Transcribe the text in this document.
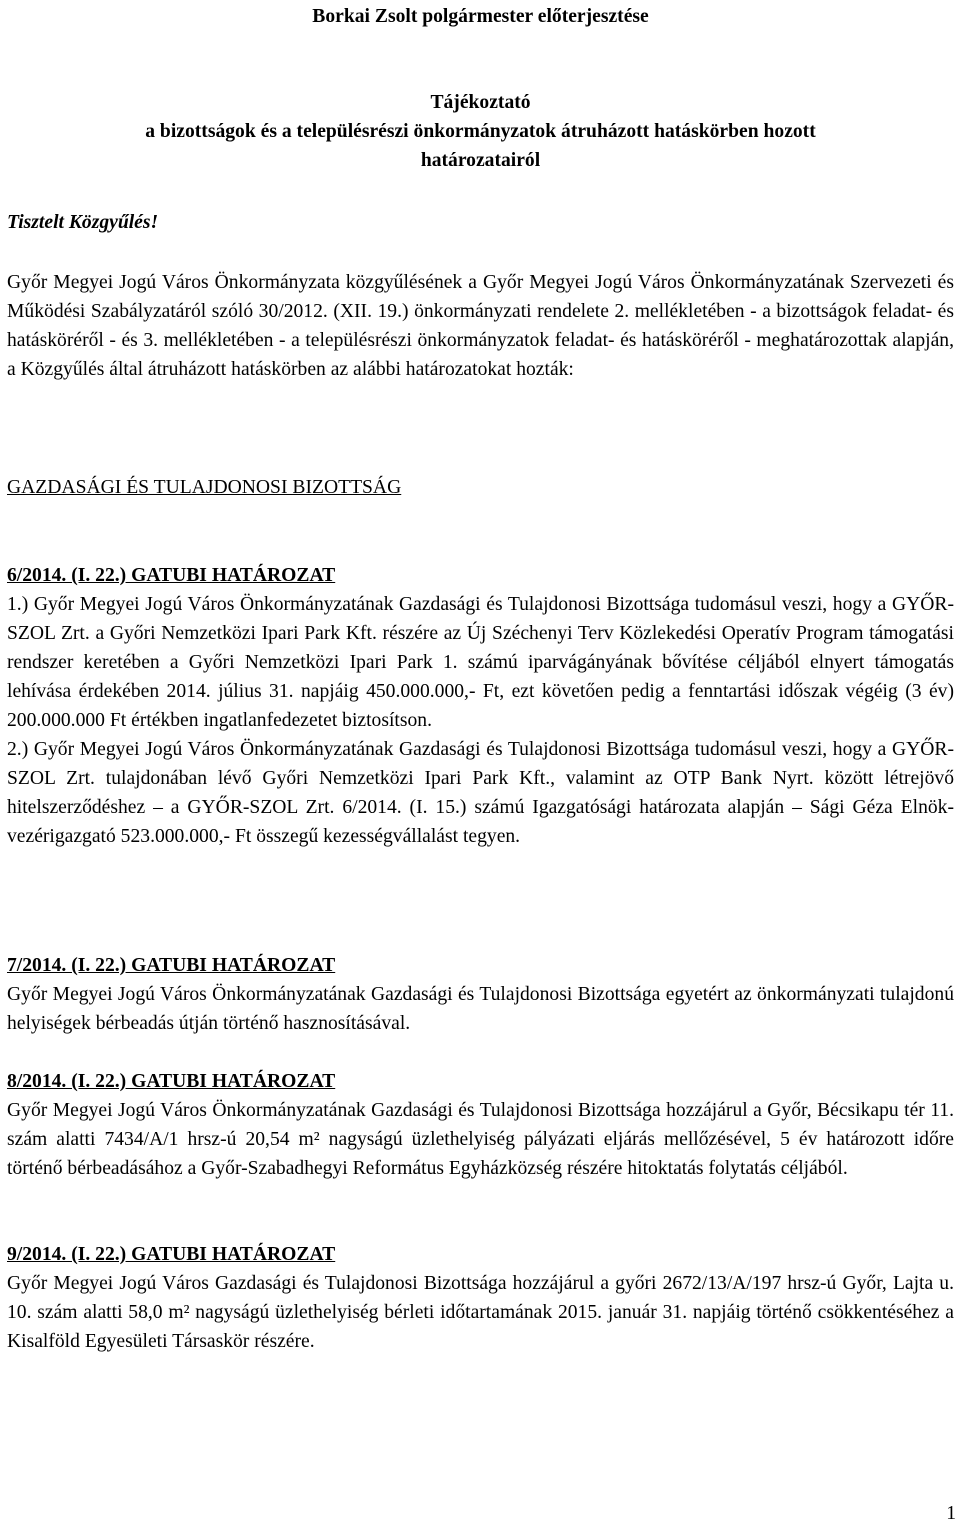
Borkai Zsolt polgármester előterjesztése

Tájékoztató

a bizottságok és a településrészi önkormányzatok átruházott hatáskörben hozott

határozatairól

Tisztelt Közgyűlés!

Győr Megyei Jogú Város Önkormányzata közgyűlésének a Győr Megyei Jogú Város Önkormányzatának Szervezeti és Működési Szabályzatáról szóló 30/2012. (XII. 19.) önkormányzati rendelete 2. mellékletében - a bizottságok feladat- és hatásköréről - és 3. mellékletében - a településrészi önkormányzatok feladat- és hatásköréről - meghatározottak alapján, a Közgyűlés által átruházott hatáskörben az alábbi határozatokat hozták:

GAZDASÁGI ÉS TULAJDONOSI BIZOTTSÁG

6/2014. (I. 22.) GATUBI HATÁROZAT

1.) Győr Megyei Jogú Város Önkormányzatának Gazdasági és Tulajdonosi Bizottsága tudomásul veszi, hogy a GYŐR-SZOL Zrt. a Győri Nemzetközi Ipari Park Kft. részére az Új Széchenyi Terv Közlekedési Operatív Program támogatási rendszer keretében a Győri Nemzetközi Ipari Park 1. számú iparvágányának bővítése céljából elnyert támogatás lehívása érdekében 2014. július 31. napjáig 450.000.000,- Ft, ezt követően pedig a fenntartási időszak végéig (3 év) 200.000.000 Ft értékben ingatlanfedezetet biztosítson.

2.) Győr Megyei Jogú Város Önkormányzatának Gazdasági és Tulajdonosi Bizottsága tudomásul veszi, hogy a GYŐR-SZOL Zrt. tulajdonában lévő Győri Nemzetközi Ipari Park Kft., valamint az OTP Bank Nyrt. között létrejövő hitelszerződéshez – a GYŐR-SZOL Zrt. 6/2014. (I. 15.) számú Igazgatósági határozata alapján – Sági Géza Elnök-vezérigazgató 523.000.000,- Ft összegű kezességvállalást tegyen.

7/2014. (I. 22.) GATUBI HATÁROZAT

Győr Megyei Jogú Város Önkormányzatának Gazdasági és Tulajdonosi Bizottsága egyetért az önkormányzati tulajdonú helyiségek bérbeadás útján történő hasznosításával.

8/2014. (I. 22.) GATUBI HATÁROZAT

Győr Megyei Jogú Város Önkormányzatának Gazdasági és Tulajdonosi Bizottsága hozzájárul a Győr, Bécsikapu tér 11. szám alatti 7434/A/1 hrsz-ú 20,54 m² nagyságú üzlethelyiség pályázati eljárás mellőzésével, 5 év határozott időre történő bérbeadásához a Győr-Szabadhegyi Református Egyházközség részére hitoktatás folytatás céljából.

9/2014. (I. 22.) GATUBI HATÁROZAT

Győr Megyei Jogú Város Gazdasági és Tulajdonosi Bizottsága hozzájárul a győri 2672/13/A/197 hrsz-ú Győr, Lajta u. 10. szám alatti 58,0 m² nagyságú üzlethelyiség bérleti időtartamának 2015. január 31. napjáig történő csökkentéséhez a Kisalföld Egyesületi Társaskör részére.

1
